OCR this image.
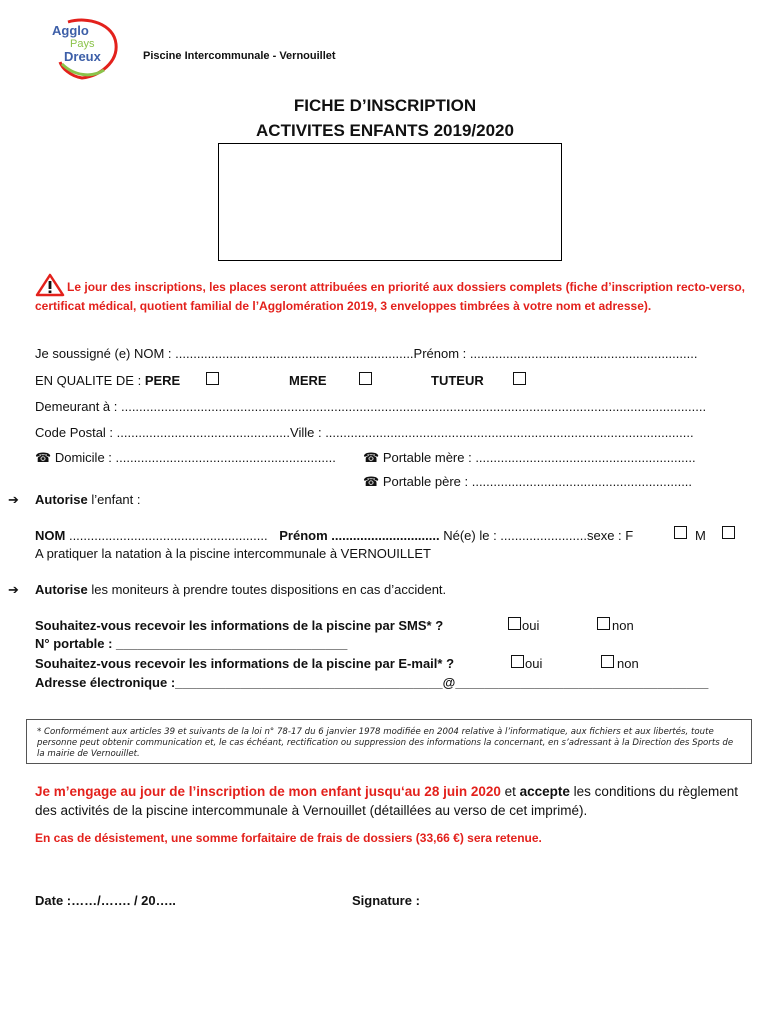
Agglo
Pays
Dreux	Piscine Intercommunale - Vernouillet
FICHE D’INSCRIPTION
ACTIVITES ENFANTS 2019/2020
Le jour des inscriptions, les places seront attribuées en priorité aux dossiers complets (fiche d’inscription recto-verso, certificat médical, quotient familial de l’Agglomération 2019, 3 enveloppes timbrées à votre nom et adresse).
Je soussigné (e) NOM : ..................................................................Prénom : ...............................................................
EN QUALITE DE : PERE	MERE	TUTEUR
Demeurant à : ..................................................................................................................................................................
Code Postal : ................................................Ville : ......................................................................................................
☎ Domicile : ............................................................. ☎ Portable mère : .............................................................
☎ Portable père : .............................................................
➔ Autorise l’enfant :
NOM ....................................................... Prénom .............................. Né(e) le : ........................sexe : F	M
A pratiquer la natation à la piscine intercommunale à VERNOUILLET
➔ Autorise les moniteurs à prendre toutes dispositions en cas d’accident.
Souhaitez-vous recevoir les informations de la piscine par SMS* ?	oui	non
N° portable : ________________________________
Souhaitez-vous recevoir les informations de la piscine par E-mail* ?	oui	non
Adresse électronique :_____________________________________@___________________________________
* Conformément aux articles 39 et suivants de la loi n° 78-17 du 6 janvier 1978 modifiée en 2004 relative à l’informatique, aux fichiers et aux libertés, toute personne peut obtenir communication et, le cas échéant, rectification ou suppression des informations la concernant, en s’adressant à la Direction des Sports de la mairie de Vernouillet.
Je m’engage au jour de l’inscription de mon enfant jusqu‘au 28 juin 2020 et accepte les conditions du règlement des activités de la piscine intercommunale à Vernouillet (détaillées au verso de cet imprimé).
En cas de désistement, une somme forfaitaire de frais de dossiers (33,66 €) sera retenue.
Date :……/……. / 20…..	Signature :
